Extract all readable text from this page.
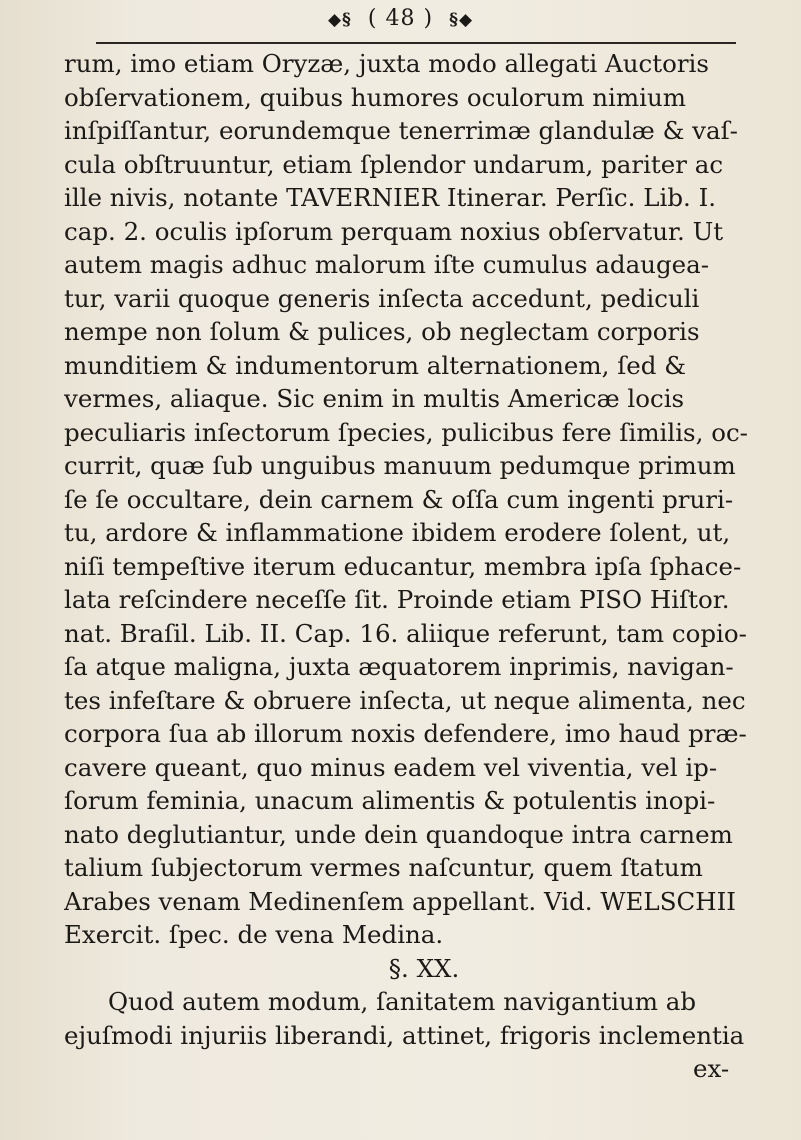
◆§ ( 48 ) §◆
rum, imo etiam Oryzæ, juxta modo allegati Auctoris
obſervationem, quibus humores oculorum nimium
inſpiſſantur, eorundemque tenerrimæ glandulæ & vaſ-
cula obſtruuntur, etiam ſplendor undarum, pariter ac
ille nivis, notante TAVERNIER Itinerar. Perſic. Lib. I.
cap. 2. oculis ipſorum perquam noxius obſervatur. Ut
autem magis adhuc malorum iſte cumulus adaugea-
tur, varii quoque generis inſecta accedunt, pediculi
nempe non ſolum & pulices, ob neglectam corporis
munditiem & indumentorum alternationem, ſed &
vermes, aliaque. Sic enim in multis Americæ locis
peculiaris inſectorum ſpecies, pulicibus fere ſimilis, oc-
currit, quæ ſub unguibus manuum pedumque primum
ſe ſe occultare, dein carnem & oſſa cum ingenti pruri-
tu, ardore & inflammatione ibidem erodere ſolent, ut,
niſi tempeſtive iterum educantur, membra ipſa ſphace-
lata reſcindere neceſſe ſit. Proinde etiam PISO Hiſtor.
nat. Braſil. Lib. II. Cap. 16. aliique referunt, tam copio-
ſa atque maligna, juxta æquatorem inprimis, navigan-
tes infeſtare & obruere inſecta, ut neque alimenta, nec
corpora ſua ab illorum noxis defendere, imo haud præ-
cavere queant, quo minus eadem vel viventia, vel ip-
ſorum feminia, unacum alimentis & potulentis inopi-
nato deglutiantur, unde dein quandoque intra carnem
talium ſubjectorum vermes naſcuntur, quem ſtatum
Arabes venam Medinenſem appellant. Vid. WELSCHII
Exercit. ſpec. de vena Medina.
§. XX.
Quod autem modum, ſanitatem navigantium ab
ejuſmodi injuriis liberandi, attinet, frigoris inclementia
ex-
